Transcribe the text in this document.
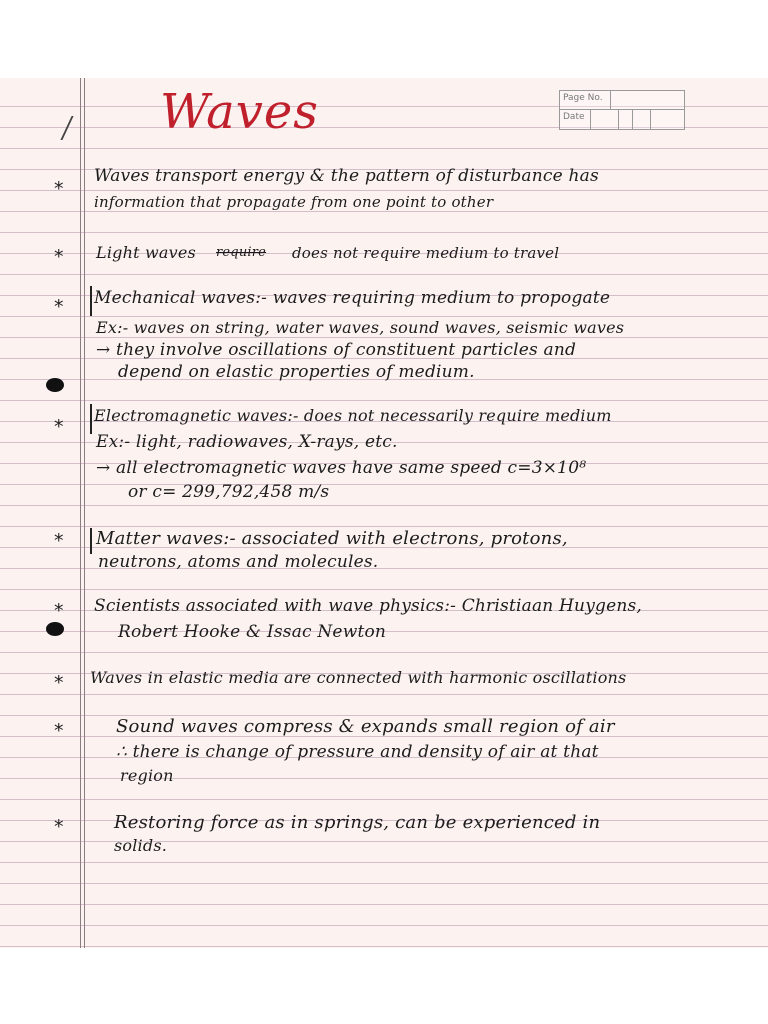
Waves	Page No.
Date
*
Waves transport energy & the pattern of disturbance has
information that propagate from one point to other
* Light waves require does not require medium to travel
* Mechanical waves:- waves requiring medium to propogate
Ex:- waves on string, water waves, sound waves, seismic waves
→ they involve oscillations of constituent particles and
depend on elastic properties of medium.
*
Electromagnetic waves:- does not necessarily require medium
Ex:- light, radiowaves, X-rays, etc.
→ all electromagnetic waves have same speed c=3×10⁸
or c= 299,792,458 m/s
* Matter waves:- associated with electrons, protons,
neutrons, atoms and molecules.
* Scientists associated with wave physics:- Christiaan Huygens,
Robert Hooke & Issac Newton
* Waves in elastic media are connected with harmonic oscillations
*	Sound waves compress & expands small region of air
∴ there is change of pressure and density of air at that
region
*	Restoring force as in springs, can be experienced in
solids.
